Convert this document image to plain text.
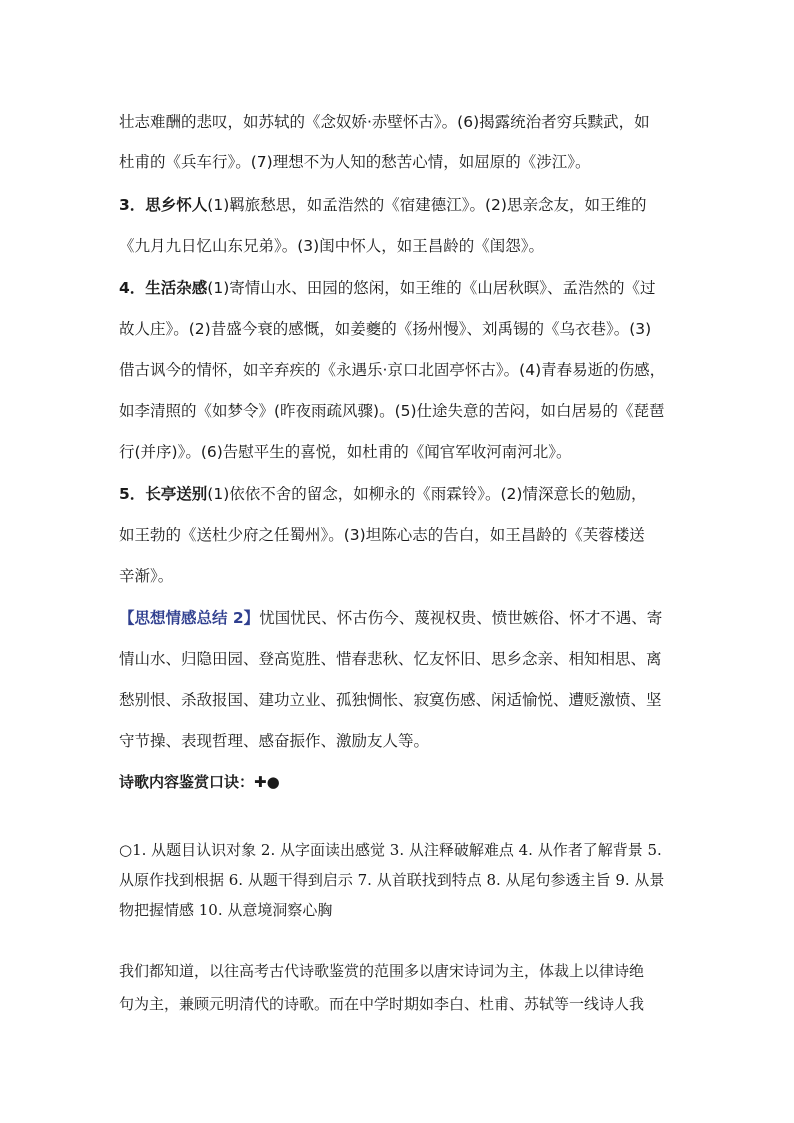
壮志难酬的悲叹，如苏轼的《念奴娇·赤壁怀古》。(6)揭露统治者穷兵黩武，如
杜甫的《兵车行》。(7)理想不为人知的愁苦心情，如屈原的《涉江》。
3．思乡怀人(1)羁旅愁思，如孟浩然的《宿建德江》。(2)思亲念友，如王维的
《九月九日忆山东兄弟》。(3)闺中怀人，如王昌龄的《闺怨》。
4．生活杂感(1)寄情山水、田园的悠闲，如王维的《山居秋暝》、孟浩然的《过
故人庄》。(2)昔盛今衰的感慨，如姜夔的《扬州慢》、刘禹锡的《乌衣巷》。(3)
借古讽今的情怀，如辛弃疾的《永遇乐·京口北固亭怀古》。(4)青春易逝的伤感，
如李清照的《如梦令》(昨夜雨疏风骤)。(5)仕途失意的苦闷，如白居易的《琵琶
行(并序)》。(6)告慰平生的喜悦，如杜甫的《闻官军收河南河北》。
5．长亭送别(1)依依不舍的留念，如柳永的《雨霖铃》。(2)情深意长的勉励，
如王勃的《送杜少府之任蜀州》。(3)坦陈心志的告白，如王昌龄的《芙蓉楼送
辛渐》。
【思想情感总结 2】忧国忧民、怀古伤今、蔑视权贵、愤世嫉俗、怀才不遇、寄
情山水、归隐田园、登高览胜、惜春悲秋、忆友怀旧、思乡念亲、相知相思、离
愁别恨、杀敌报国、建功立业、孤独惆怅、寂寞伤感、闲适愉悦、遭贬激愤、坚
守节操、表现哲理、感奋振作、激励友人等。
诗歌内容鉴赏口诀：✚●
○1. 从题目认识对象 2. 从字面读出感觉 3. 从注释破解难点 4. 从作者了解背景 5.
从原作找到根据 6. 从题干得到启示 7. 从首联找到特点 8. 从尾句参透主旨 9. 从景
物把握情感 10. 从意境洞察心胸
我们都知道，以往高考古代诗歌鉴赏的范围多以唐宋诗词为主，体裁上以律诗绝
句为主，兼顾元明清代的诗歌。而在中学时期如李白、杜甫、苏轼等一线诗人我
